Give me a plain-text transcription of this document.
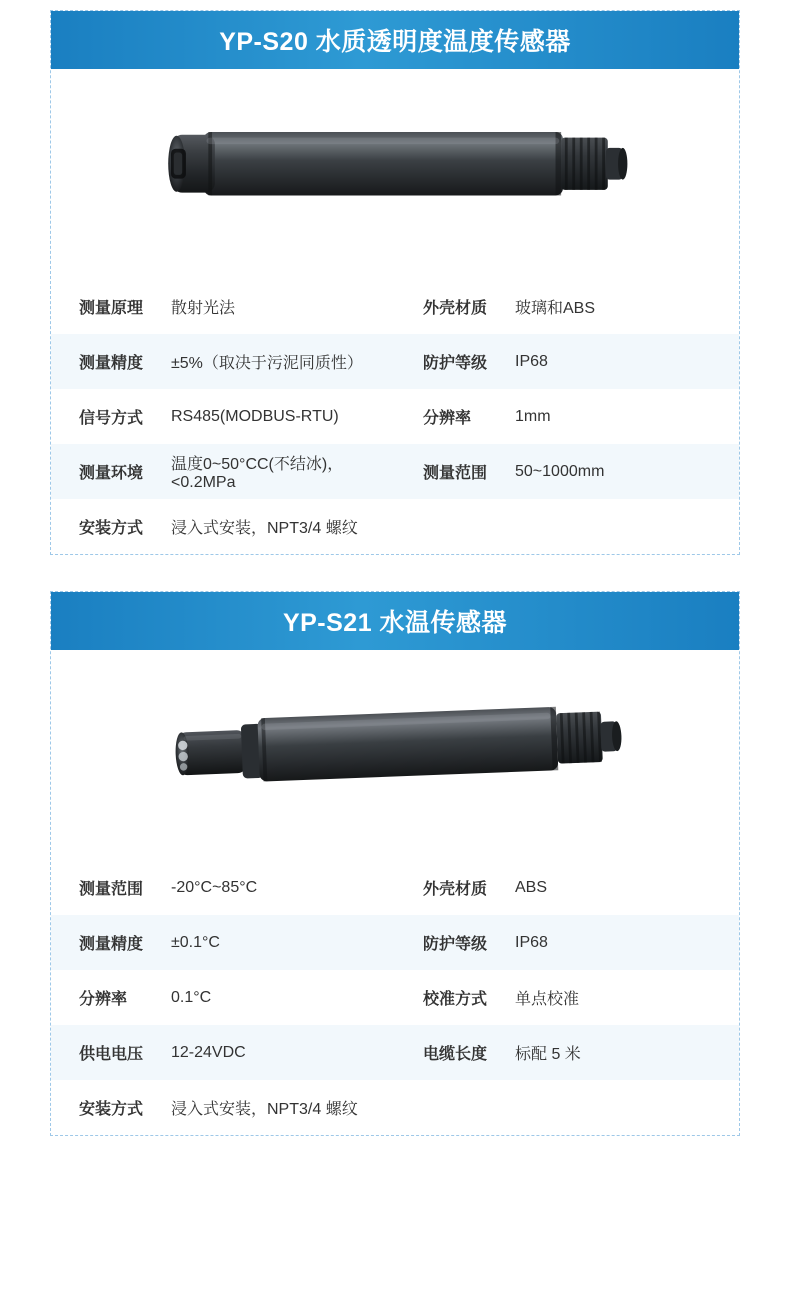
YP-S20 水质透明度温度传感器
测量原理	散射光法	外壳材质	玻璃和ABS
测量精度	±5%（取决于污泥同质性）	防护等级	IP68
信号方式	RS485(MODBUS-RTU)	分辨率	1mm
测量环境	温度0~50°CC(不结冰)，<0.2MPa	测量范围	50~1000mm
安装方式	浸入式安装，NPT3/4 螺纹		
YP-S21 水温传感器
测量范围	-20°C~85°C	外壳材质	ABS
测量精度	±0.1°C	防护等级	IP68
分辨率	0.1°C	校准方式	单点校准
供电电压	12-24VDC	电缆长度	标配 5 米
安装方式	浸入式安装，NPT3/4 螺纹		
